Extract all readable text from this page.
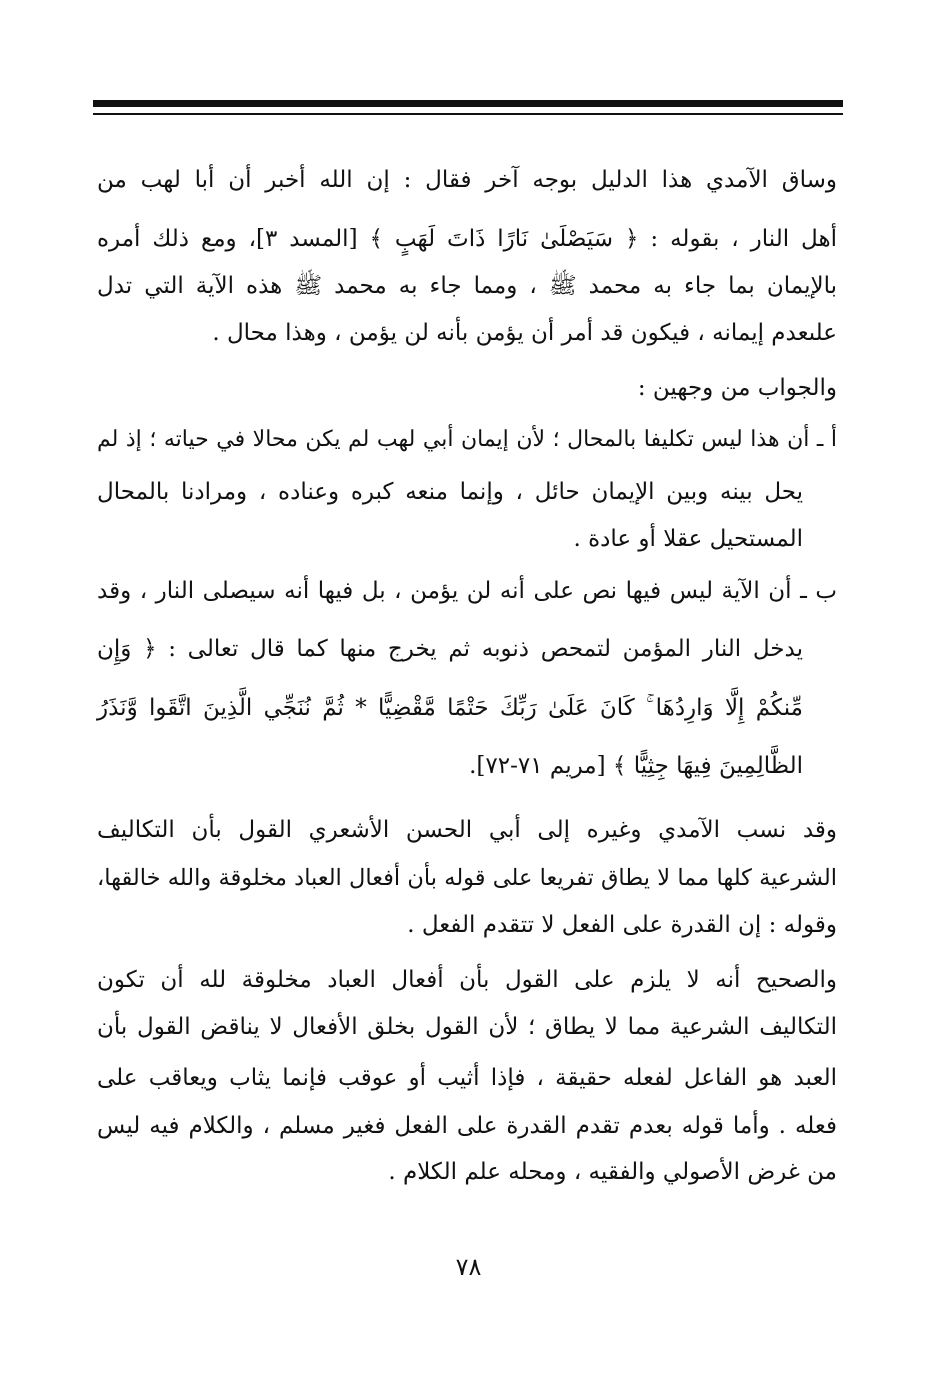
وساق الآمدي هذا الدليل بوجه آخر فقال : إن الله أخبر أن أبا لهب من
أهل النار ، بقوله : ﴿ سَيَصْلَىٰ نَارًا ذَاتَ لَهَبٍ ﴾ [المسد ٣]، ومع ذلك أمره
بالإيمان بما جاء به محمد ﷺ ، ومما جاء به محمد ﷺ هذه الآية التي تدل
علىعدم إيمانه ، فيكون قد أمر أن يؤمن بأنه لن يؤمن ، وهذا محال .
والجواب من وجهين :
أ ـ أن هذا ليس تكليفا بالمحال ؛ لأن إيمان أبي لهب لم يكن محالا في حياته ؛ إذ لم
يحل بينه وبين الإيمان حائل ، وإنما منعه كبره وعناده ، ومرادنا بالمحال
المستحيل عقلا أو عادة .
ب ـ أن الآية ليس فيها نص على أنه لن يؤمن ، بل فيها أنه سيصلى النار ، وقد
يدخل النار المؤمن لتمحص ذنوبه ثم يخرج منها كما قال تعالى : ﴿ وَإِن
مِّنكُمْ إِلَّا وَارِدُهَا ۚ كَانَ عَلَىٰ رَبِّكَ حَتْمًا مَّقْضِيًّا * ثُمَّ نُنَجِّي الَّذِينَ اتَّقَوا وَّنَذَرُ
الظَّالِمِينَ فِيهَا جِثِيًّا ﴾ [مريم ٧١-٧٢].
وقد نسب الآمدي وغيره إلى أبي الحسن الأشعري القول بأن التكاليف
الشرعية كلها مما لا يطاق تفريعا على قوله بأن أفعال العباد مخلوقة والله خالقها،
وقوله : إن القدرة على الفعل لا تتقدم الفعل .
والصحيح أنه لا يلزم على القول بأن أفعال العباد مخلوقة لله أن تكون
التكاليف الشرعية مما لا يطاق ؛ لأن القول بخلق الأفعال لا يناقض القول بأن
العبد هو الفاعل لفعله حقيقة ، فإذا أثيب أو عوقب فإنما يثاب ويعاقب على
فعله . وأما قوله بعدم تقدم القدرة على الفعل فغير مسلم ، والكلام فيه ليس
من غرض الأصولي والفقيه ، ومحله علم الكلام .
٧٨
